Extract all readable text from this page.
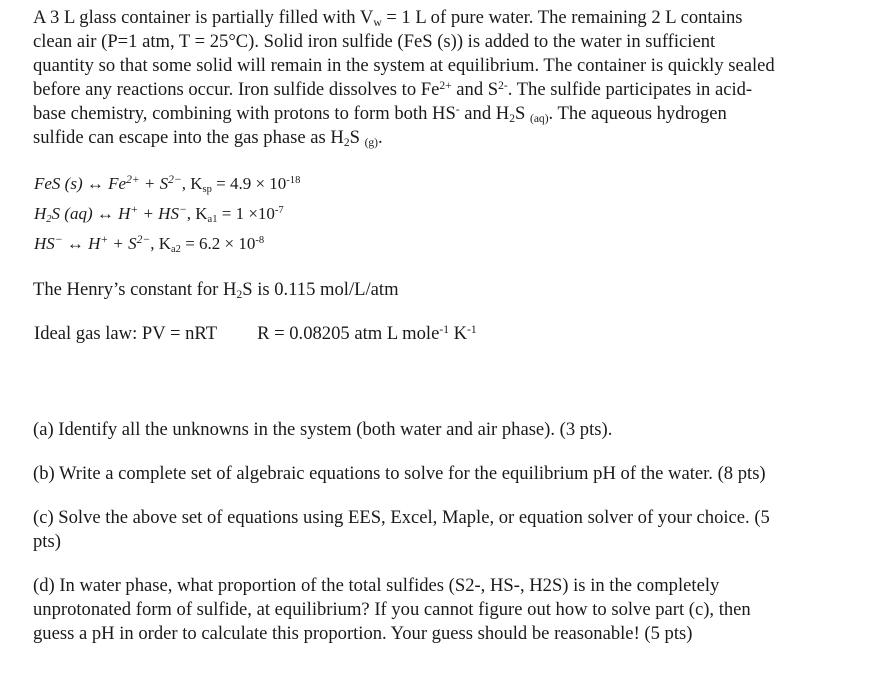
A 3 L glass container is partially filled with $V_w = 1$ L of pure water. The remaining 2 L contains
clean air (P=1 atm, T = 25°C). Solid iron sulfide (FeS (s)) is added to the water in sufficient
quantity so that some solid will remain in the system at equilibrium. The container is quickly sealed
before any reactions occur. Iron sulfide dissolves to $Fe^{2+}$ and $S^{2-}$. The sulfide participates in acid-
base chemistry, combining with protons to form both HS- and $H_2S$ $_{(aq)}$. The aqueous hydrogen
sulfide can escape into the gas phase as $H_2S$ $_{(g)}$.
FeS (s) ↔ $Fe^{2+} + S^{2-}$, $K_{sp} = 4.9 \times 10^{-18}$
$H_2S$ (aq) ↔ H+ + HS−, $K_{a1} = 1 \times 10^{-7}$
HS− ↔ $H^+ + S^{2-}$, $K_{a2} = 6.2 \times 10^{-8}$
The Henry’s constant for $H_2S$ is 0.115 mol/L/atm
Ideal gas law: PV = nRT R = 0.08205 atm L mole$^{-1}$ $K^{-1}$
(a) Identify all the unknowns in the system (both water and air phase). (3 pts).
(b) Write a complete set of algebraic equations to solve for the equilibrium pH of the water. (8 pts)
(c) Solve the above set of equations using EES, Excel, Maple, or equation solver of your choice. (5
pts)
(d) In water phase, what proportion of the total sulfides (S2-, HS-, H2S) is in the completely
unprotonated form of sulfide, at equilibrium? If you cannot figure out how to solve part (c), then
guess a pH in order to calculate this proportion. Your guess should be reasonable! (5 pts)
